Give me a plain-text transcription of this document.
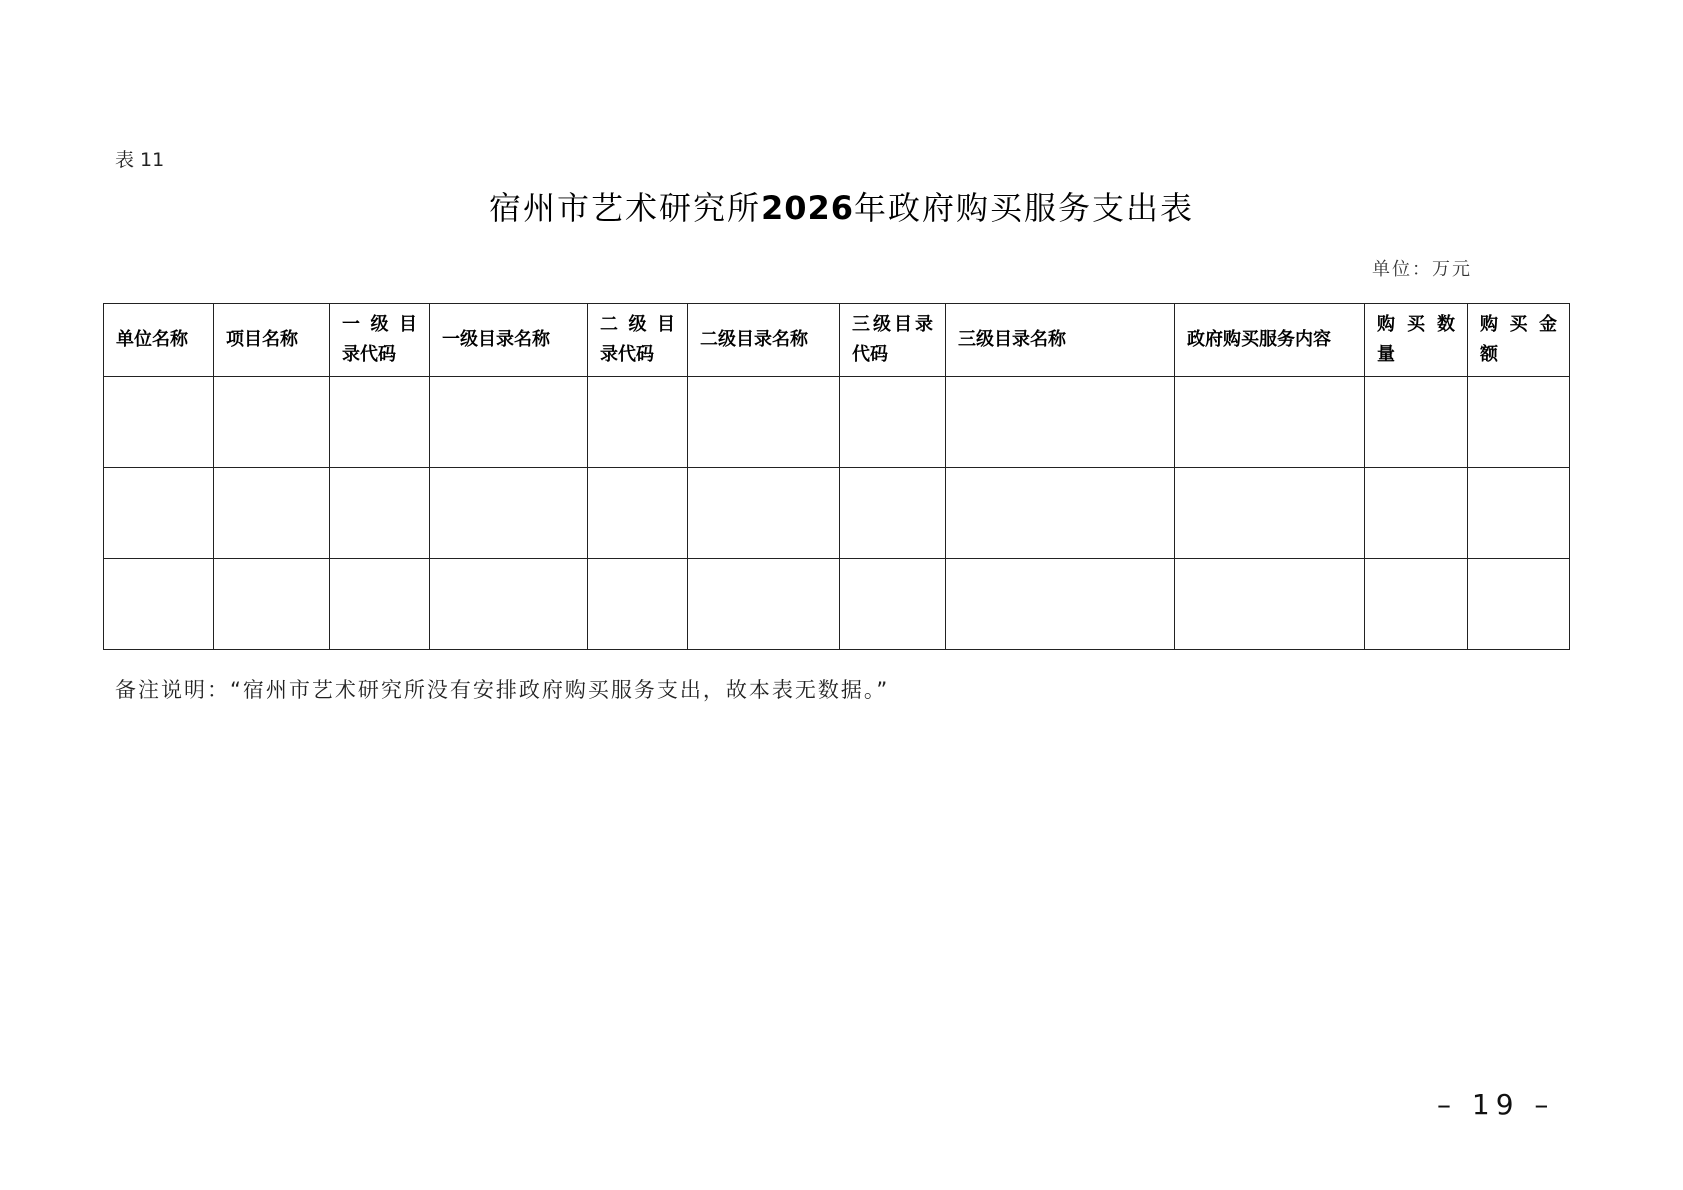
表 11
宿州市艺术研究所2026年政府购买服务支出表
单位：万元
单位名称	项目名称	一 级 目 录代码	一级目录名称	二 级 目 录代码	二级目录名称	三级目录代码	三级目录名称	政府购买服务内容	购 买 数 量	购 买 金 额

备注说明：“宿州市艺术研究所没有安排政府购买服务支出，故本表无数据。”
– 19 –
